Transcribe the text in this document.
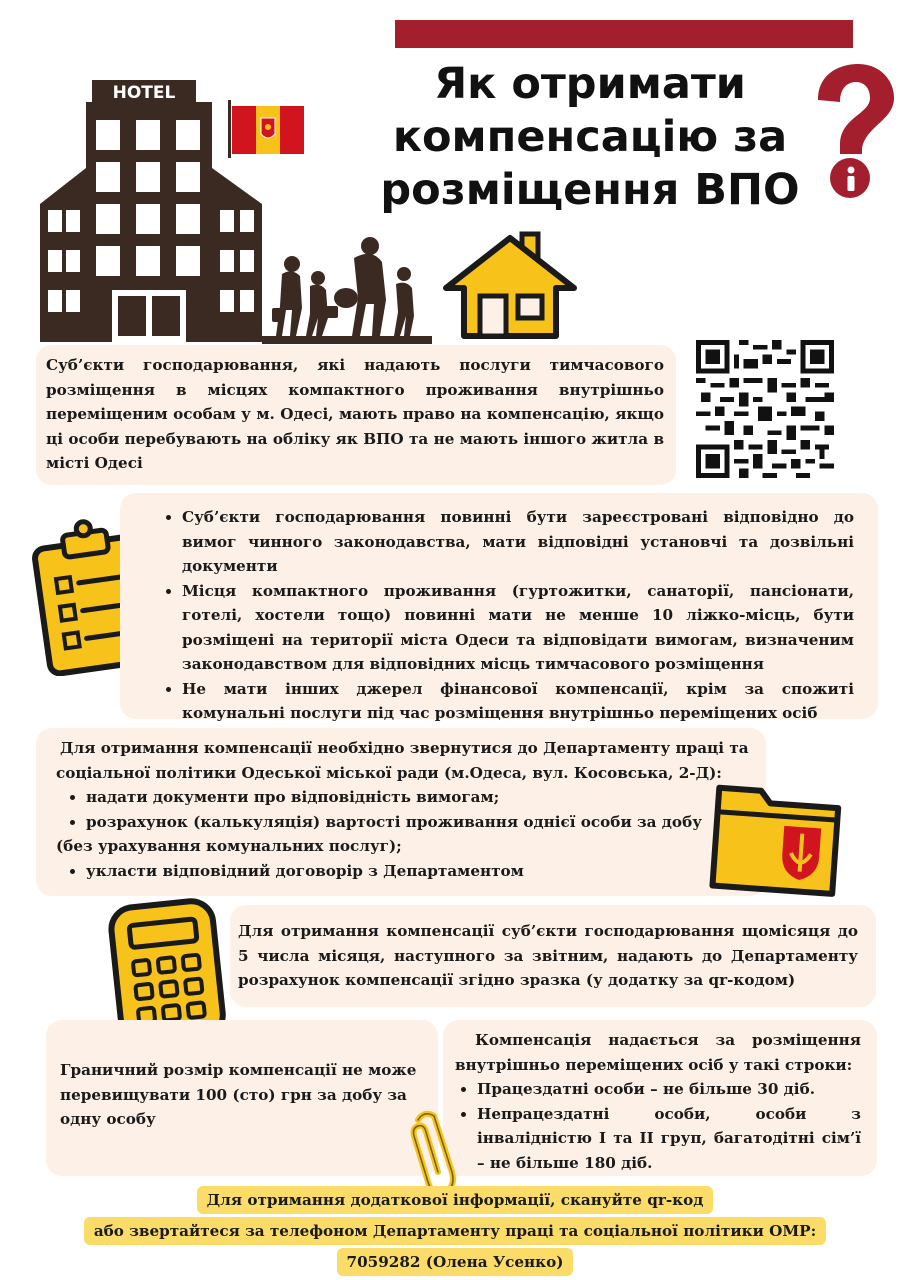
Як отримати
компенсацію за
розміщення ВПО
HOTEL

Суб’єкти господарювання, які надають послуги тимчасового розміщення в місцях компактного проживання внутрішньо переміщеним особам у м. Одесі, мають право на компенсацію, якщо ці особи перебувають на обліку як ВПО та не мають іншого житла в місті Одесі

• Суб’єкти господарювання повинні бути зареєстровані відповідно до вимог чинного законодавства, мати відповідні установчі та дозвільні документи
• Місця компактного проживання (гуртожитки, санаторії, пансіонати, готелі, хостели тощо) повинні мати не менше 10 ліжко-місць, бути розміщені на території міста Одеси та відповідати вимогам, визначеним законодавством для відповідних місць тимчасового розміщення
• Не мати інших джерел фінансової компенсації, крім за спожиті комунальні послуги під час розміщення внутрішньо переміщених осіб

Для отримання компенсації необхідно звернутися до Департаменту праці та соціальної політики Одеської міської ради (м.Одеса, вул. Косовська, 2-Д):

• надати документи про відповідність вимогам;
• розрахунок (калькуляція) вартості проживання однієї особи за добу

(без урахування комунальних послуг);

• укласти відповідний договорір з Департаментом

Для отримання компенсації суб’єкти господарювання щомісяця до 5 числа місяця, наступного за звітним, надають до Департаменту розрахунок компенсації згідно зразка (у додатку за qr-кодом)

Граничний розмір компенсації не може перевищувати 100 (сто) грн за добу за одну особу

Компенсація надається за розміщення внутрішньо переміщених осіб у такі строки:

• Працездатні особи – не більше 30 діб.
• Непрацездатні особи, особи з інвалідністю І та ІІ груп, багатодітні сім’ї – не більше 180 діб.
Для отримання додаткової інформації, скануйте qr-код
або звертайтеся за телефоном Департаменту праці та соціальної політики ОМР:
7059282 (Олена Усенко)
